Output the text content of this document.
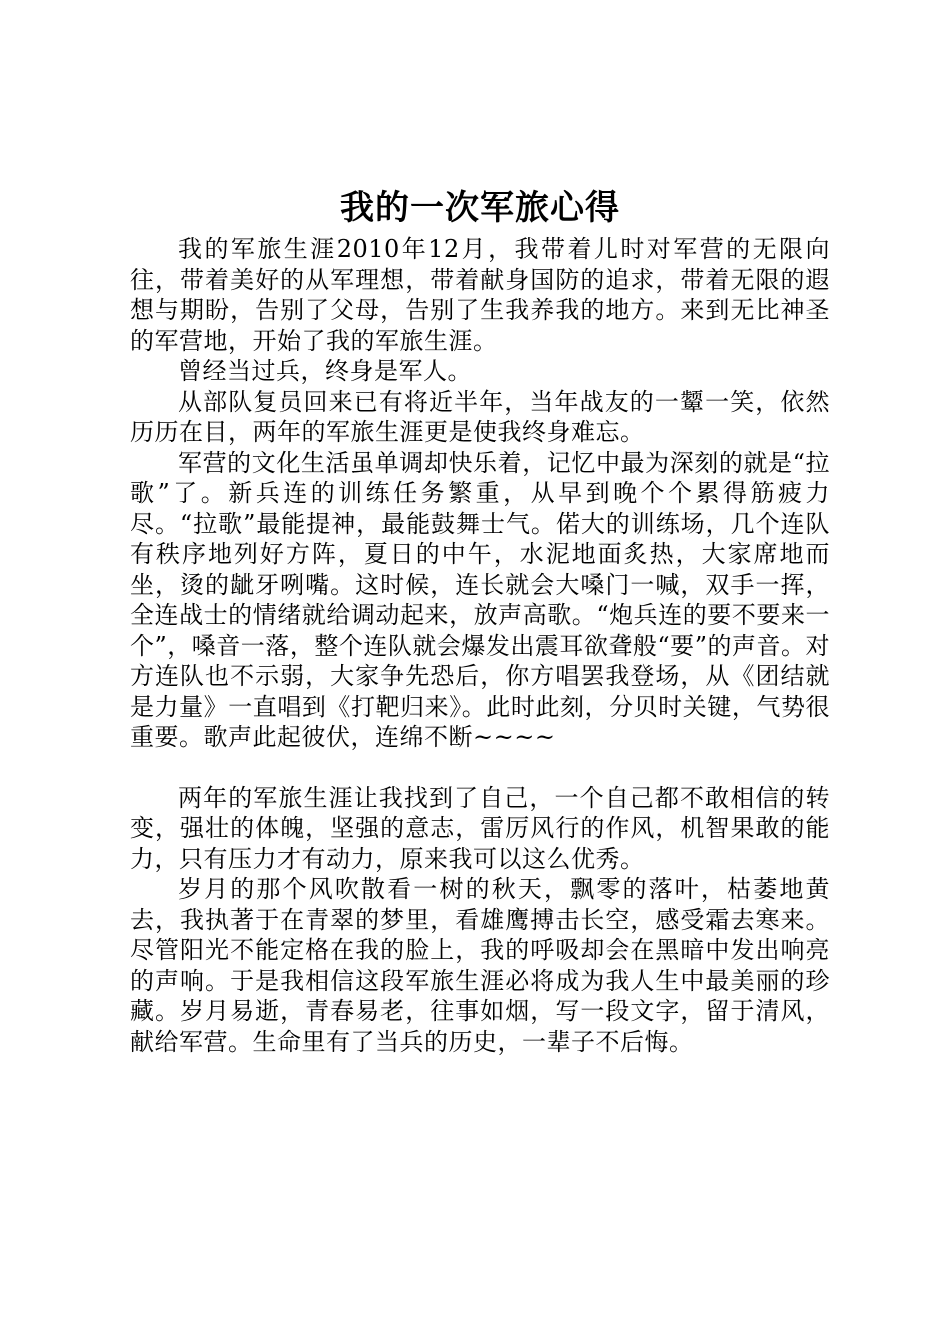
我的一次军旅心得

我的军旅生涯2010年12月，我带着儿时对军营的无限向往，带着美好的从军理想，带着献身国防的追求，带着无限的遐想与期盼，告别了父母，告别了生我养我的地方。来到无比神圣的军营地，开始了我的军旅生涯。

曾经当过兵，终身是军人。

从部队复员回来已有将近半年，当年战友的一颦一笑，依然历历在目，两年的军旅生涯更是使我终身难忘。

军营的文化生活虽单调却快乐着，记忆中最为深刻的就是“拉歌”了。新兵连的训练任务繁重，从早到晚个个累得筋疲力尽。“拉歌”最能提神，最能鼓舞士气。偌大的训练场，几个连队有秩序地列好方阵，夏日的中午，水泥地面炙热，大家席地而坐，烫的龇牙咧嘴。这时候，连长就会大嗓门一喊，双手一挥，全连战士的情绪就给调动起来，放声高歌。“炮兵连的要不要来一个”，嗓音一落，整个连队就会爆发出震耳欲聋般“要”的声音。对方连队也不示弱，大家争先恐后，你方唱罢我登场，从《团结就是力量》一直唱到《打靶归来》。此时此刻，分贝时关键，气势很重要。歌声此起彼伏，连绵不断~~~~

两年的军旅生涯让我找到了自己，一个自己都不敢相信的转变，强壮的体魄，坚强的意志，雷厉风行的作风，机智果敢的能力，只有压力才有动力，原来我可以这么优秀。

岁月的那个风吹散看一树的秋天，飘零的落叶，枯萎地黄去，我执著于在青翠的梦里，看雄鹰搏击长空，感受霜去寒来。尽管阳光不能定格在我的脸上，我的呼吸却会在黑暗中发出响亮的声响。于是我相信这段军旅生涯必将成为我人生中最美丽的珍藏。岁月易逝，青春易老，往事如烟，写一段文字，留于清风，献给军营。生命里有了当兵的历史，一辈子不后悔。
